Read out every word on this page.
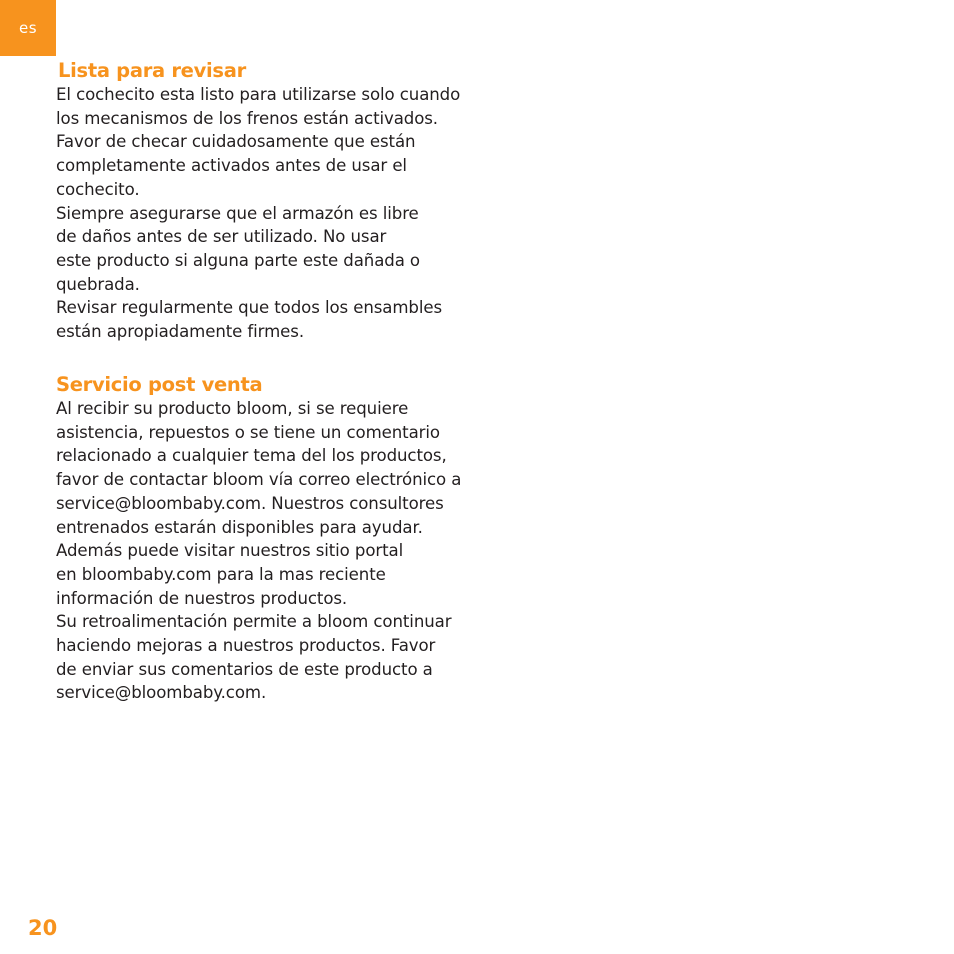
es
Lista para revisar

El cochecito esta listo para utilizarse solo cuando
los mecanismos de los frenos están activados.
Favor de checar cuidadosamente que están
completamente activados antes de usar el
cochecito.
Siempre asegurarse que el armazón es libre
de daños antes de ser utilizado. No usar
este producto si alguna parte este dañada o
quebrada.
Revisar regularmente que todos los ensambles
están apropiadamente firmes.

Servicio post venta

Al recibir su producto bloom, si se requiere
asistencia, repuestos o se tiene un comentario
relacionado a cualquier tema del los productos,
favor de contactar bloom vía correo electrónico a
service@bloombaby.com. Nuestros consultores
entrenados estarán disponibles para ayudar.
Además puede visitar nuestros sitio portal
en bloombaby.com para la mas reciente
información de nuestros productos.
Su retroalimentación permite a bloom continuar
haciendo mejoras a nuestros productos. Favor
de enviar sus comentarios de este producto a
service@bloombaby.com.

20
